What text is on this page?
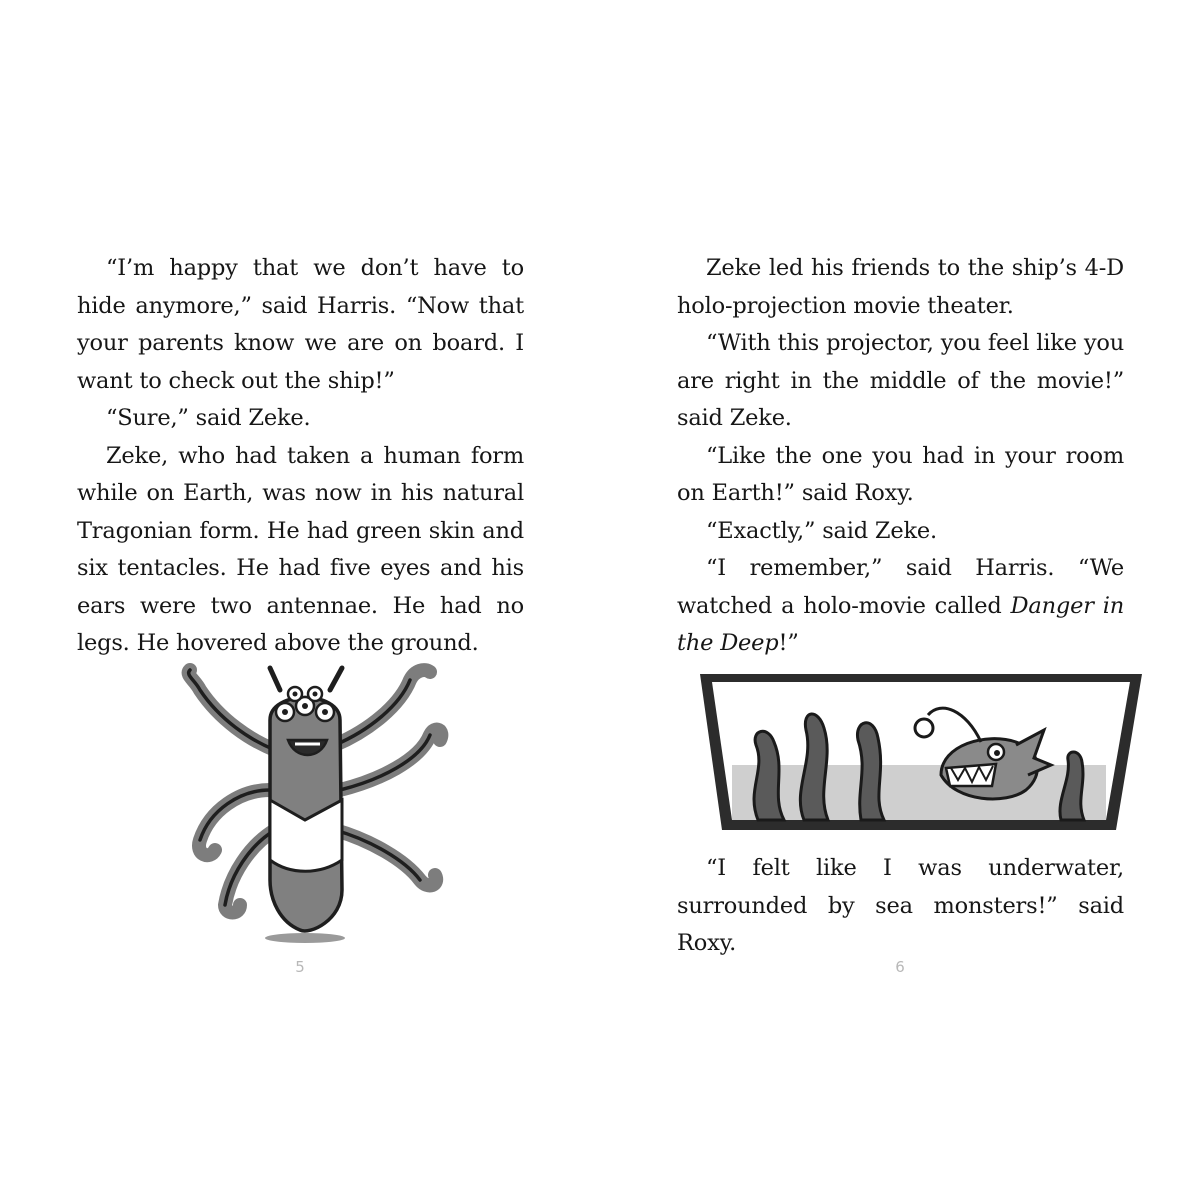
“I’m happy that we don’t have to hide anymore,” said Harris. “Now that your parents know we are on board. I want to check out the ship!”

“Sure,” said Zeke.

Zeke, who had taken a human form while on Earth, was now in his natural Tragonian form. He had green skin and six tentacles. He had five eyes and his ears were two antennae. He had no legs. He hovered above the ground.

5

Zeke led his friends to the ship’s 4-D holo-projection movie theater.

“With this projector, you feel like you are right in the middle of the movie!” said Zeke.

“Like the one you had in your room on Earth!” said Roxy.

“Exactly,” said Zeke.

“I remember,” said Harris. “We watched a holo-movie called Danger in the Deep!”

“I felt like I was underwater, surrounded by sea monsters!” said Roxy.

6
